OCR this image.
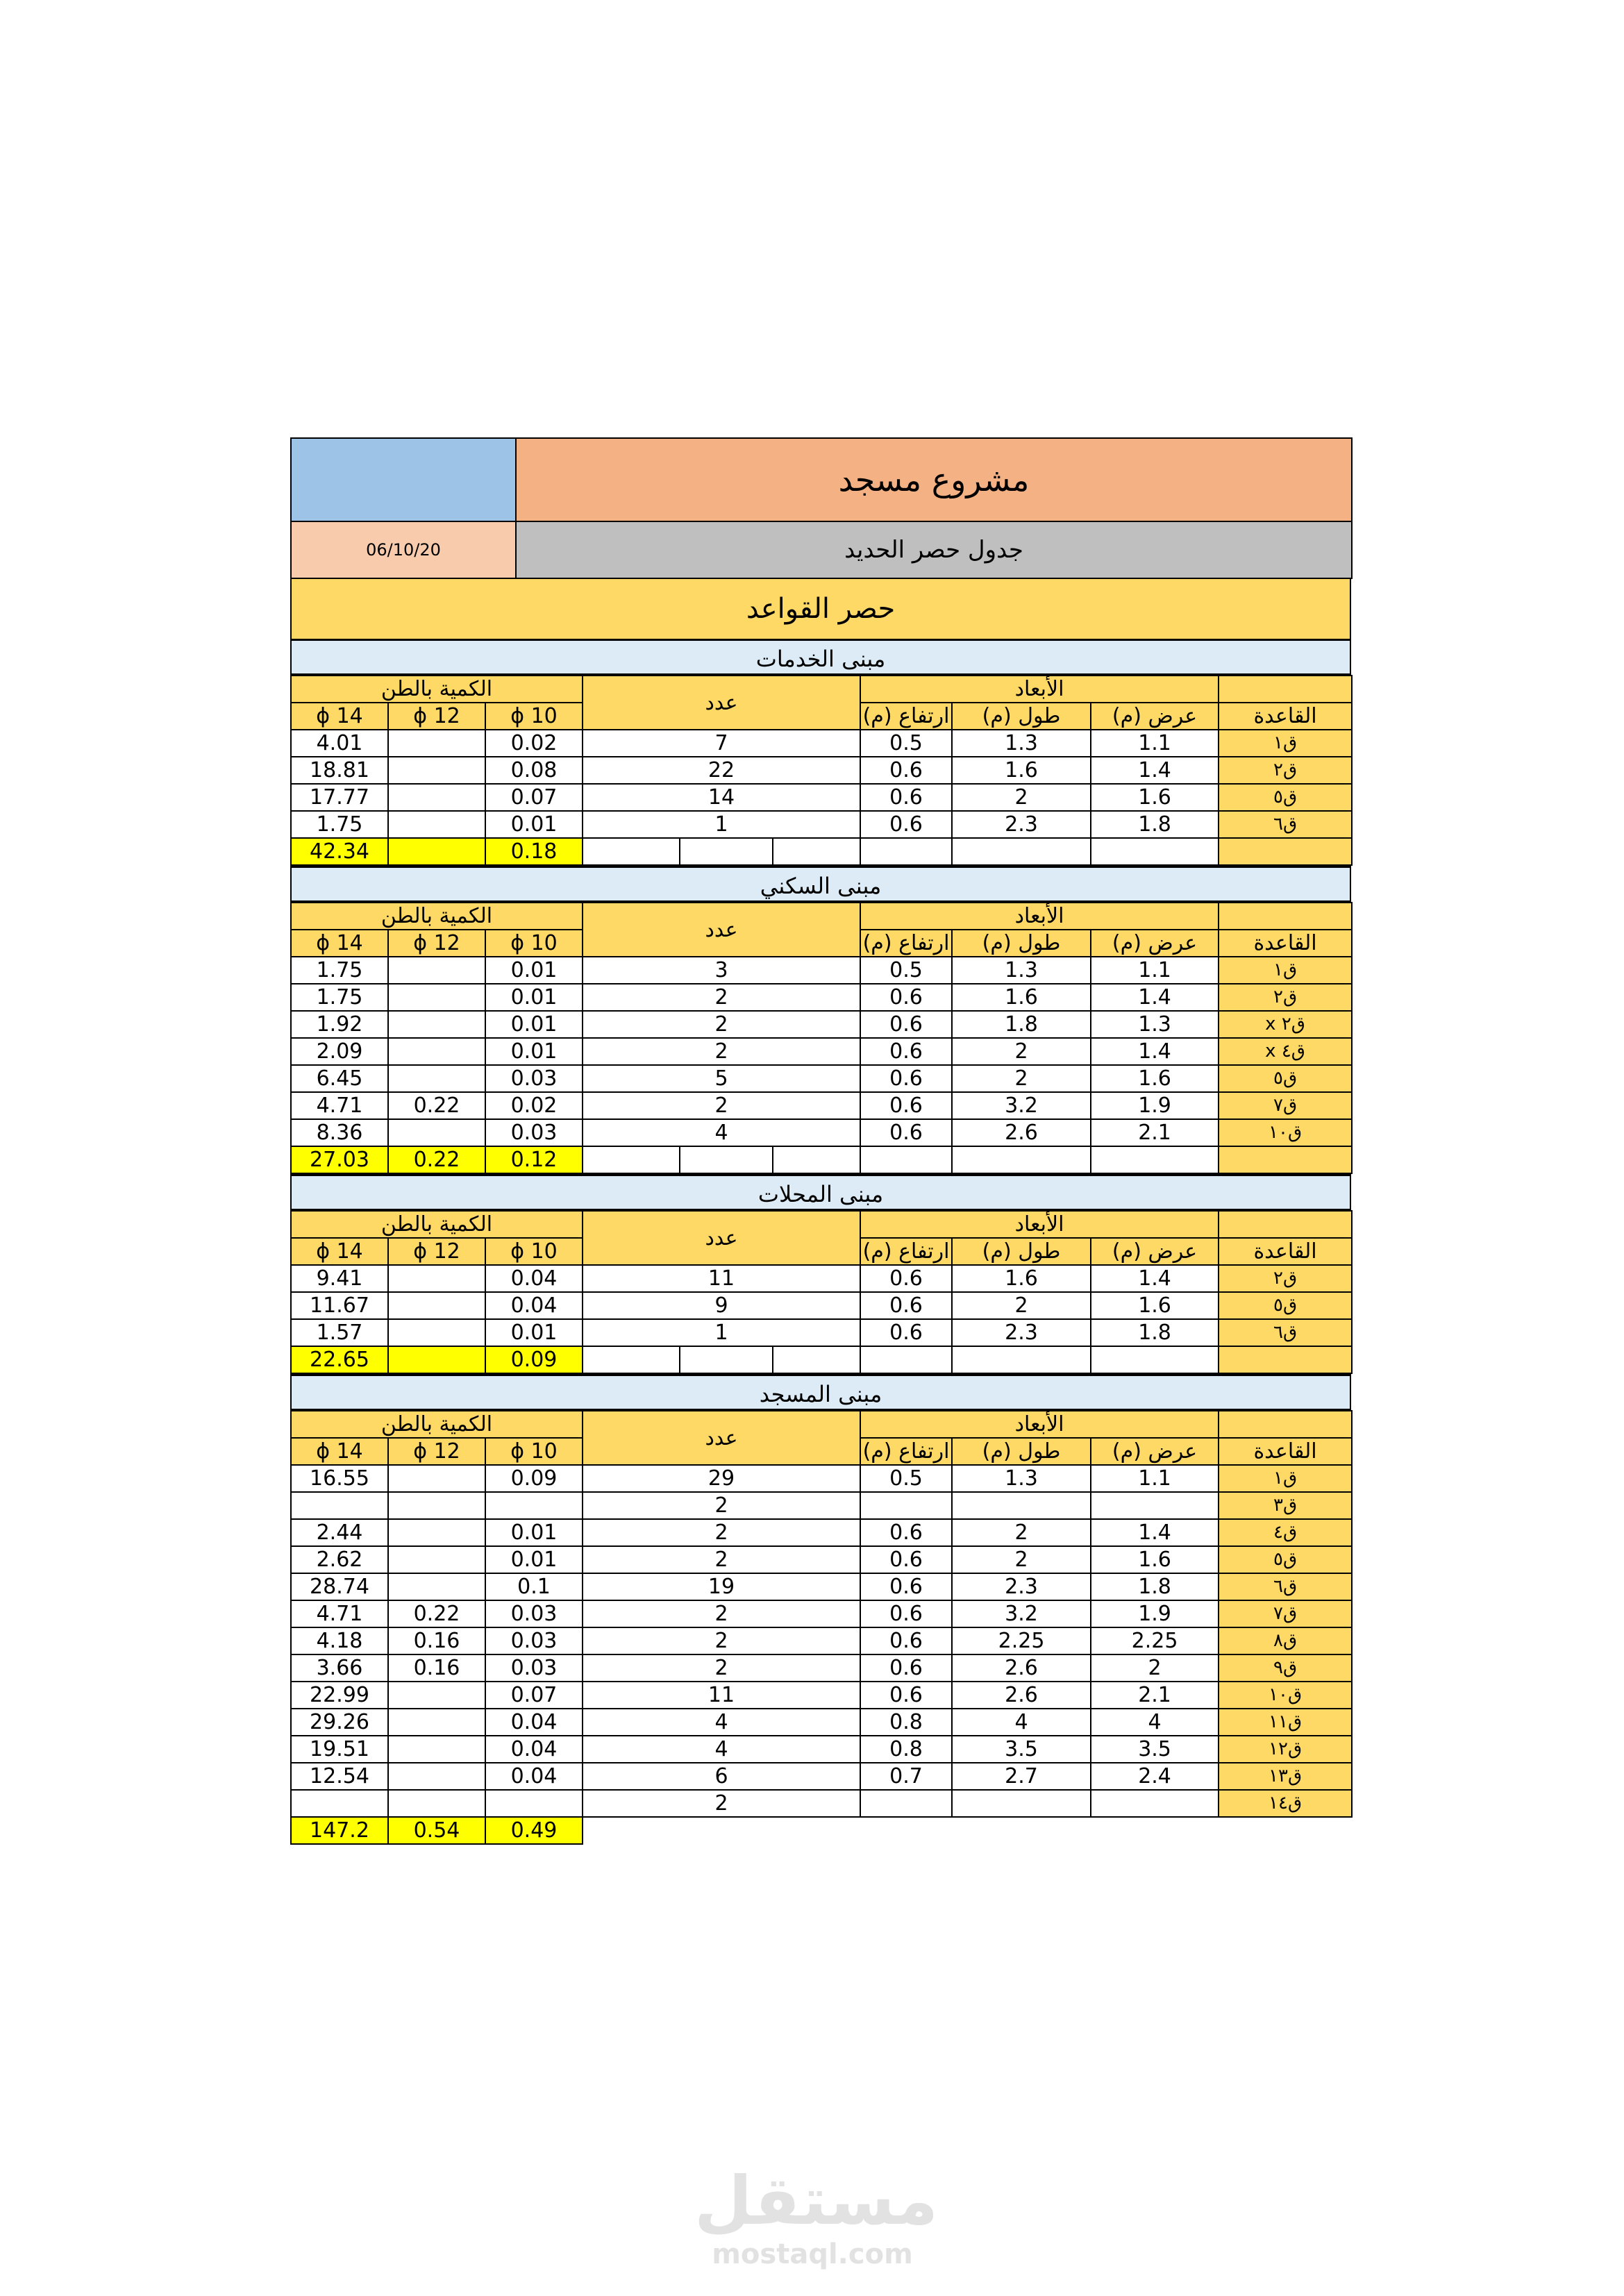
	مشروع مسجد
06/10/20	جدول حصر الحديد
حصر القواعد
مبنى الخدمات
الكمية بالطن			عدد			الأبعاد			
ϕ 14	ϕ 12	ϕ 10				ارتفاع (م)	طول (م)	عرض (م)	القاعدة
4.01		0.02	7			0.5	1.3	1.1	ق١
18.81		0.08	22			0.6	1.6	1.4	ق٢
17.77		0.07	14			0.6	2	1.6	ق٥
1.75		0.01	1			0.6	2.3	1.8	ق٦
42.34		0.18							
مبنى السكني
الكمية بالطن			عدد			الأبعاد			
ϕ 14	ϕ 12	ϕ 10				ارتفاع (م)	طول (م)	عرض (م)	القاعدة
1.75		0.01	3			0.5	1.3	1.1	ق١
1.75		0.01	2			0.6	1.6	1.4	ق٢
1.92		0.01	2			0.6	1.8	1.3	ق٢ x
2.09		0.01	2			0.6	2	1.4	ق٤ x
6.45		0.03	5			0.6	2	1.6	ق٥
4.71	0.22	0.02	2			0.6	3.2	1.9	ق٧
8.36		0.03	4			0.6	2.6	2.1	ق١٠
27.03	0.22	0.12							
مبنى المحلات
الكمية بالطن			عدد			الأبعاد			
ϕ 14	ϕ 12	ϕ 10				ارتفاع (م)	طول (م)	عرض (م)	القاعدة
9.41		0.04	11			0.6	1.6	1.4	ق٢
11.67		0.04	9			0.6	2	1.6	ق٥
1.57		0.01	1			0.6	2.3	1.8	ق٦
22.65		0.09							
مبنى المسجد
الكمية بالطن			عدد	الأبعاد			
ϕ 14	ϕ 12	ϕ 10		ارتفاع (م)	طول (م)	عرض (م)	القاعدة
16.55		0.09	29	0.5	1.3	1.1	ق١
			2				ق٣
2.44		0.01	2	0.6	2	1.4	ق٤
2.62		0.01	2	0.6	2	1.6	ق٥
28.74		0.1	19	0.6	2.3	1.8	ق٦
4.71	0.22	0.03	2	0.6	3.2	1.9	ق٧
4.18	0.16	0.03	2	0.6	2.25	2.25	ق٨
3.66	0.16	0.03	2	0.6	2.6	2	ق٩
22.99		0.07	11	0.6	2.6	2.1	ق١٠
29.26		0.04	4	0.8	4	4	ق١١
19.51		0.04	4	0.8	3.5	3.5	ق١٢
12.54		0.04	6	0.7	2.7	2.4	ق١٣
			2				ق١٤
147.2	0.54	0.49					
مستقل
mostaql.com
